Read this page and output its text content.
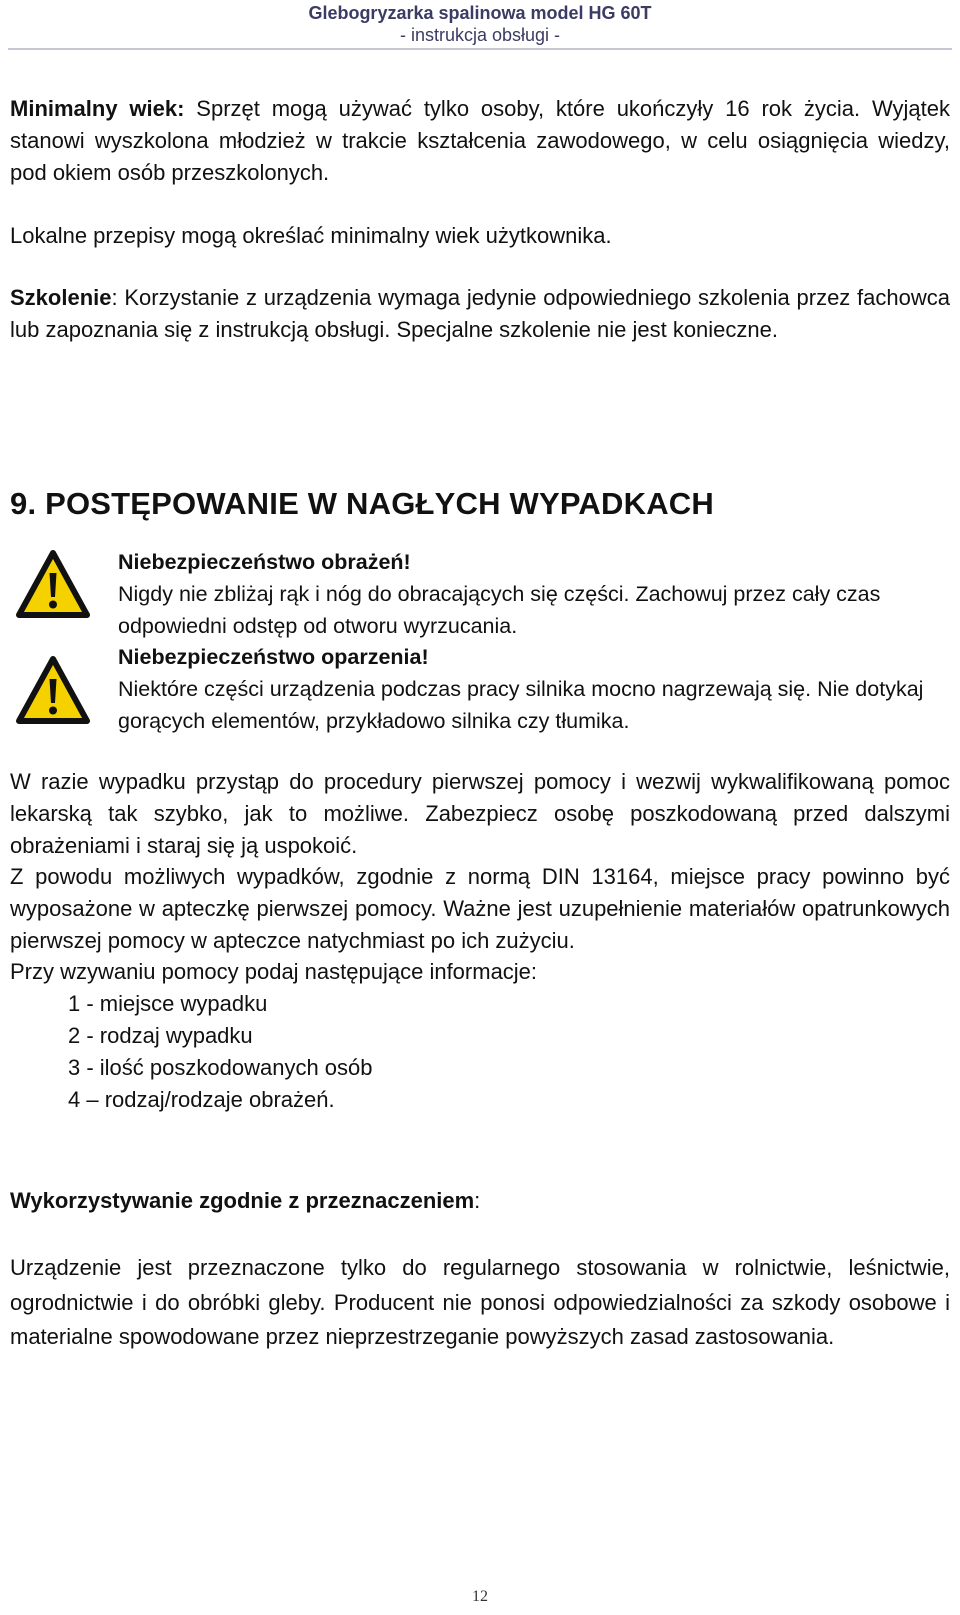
Glebogryzarka spalinowa model HG 60T
- instrukcja obsługi -

Minimalny wiek: Sprzęt mogą używać tylko osoby, które ukończyły 16 rok życia. Wyjątek stanowi wyszkolona młodzież w trakcie kształcenia zawodowego, w celu osiągnięcia wiedzy, pod okiem osób przeszkolonych.

Lokalne przepisy mogą określać minimalny wiek użytkownika.

Szkolenie: Korzystanie z urządzenia wymaga jedynie odpowiedniego szkolenia przez fachowca lub zapoznania się z instrukcją obsługi. Specjalne szkolenie nie jest konieczne.

9. POSTĘPOWANIE W NAGŁYCH WYPADKACH
Niebezpieczeństwo obrażeń!
Nigdy nie zbliżaj rąk i nóg do obracających się części. Zachowuj przez cały czas odpowiedni odstęp od otworu wyrzucania.
Niebezpieczeństwo oparzenia!
Niektóre części urządzenia podczas pracy silnika mocno nagrzewają się. Nie dotykaj gorących elementów, przykładowo silnika czy tłumika.

W razie wypadku przystąp do procedury pierwszej pomocy i wezwij wykwalifikowaną pomoc lekarską tak szybko, jak to możliwe. Zabezpiecz osobę poszkodowaną przed dalszymi obrażeniami i staraj się ją uspokoić.

Z powodu możliwych wypadków, zgodnie z normą DIN 13164, miejsce pracy powinno być wyposażone w apteczkę pierwszej pomocy. Ważne jest uzupełnienie materiałów opatrunkowych pierwszej pomocy w apteczce natychmiast po ich zużyciu.

Przy wzywaniu pomocy podaj następujące informacje:

1 - miejsce wypadku
2 - rodzaj wypadku
3 - ilość poszkodowanych osób
4 – rodzaj/rodzaje obrażeń.

Wykorzystywanie zgodnie z przeznaczeniem:

Urządzenie jest przeznaczone tylko do regularnego stosowania w rolnictwie, leśnictwie, ogrodnictwie i do obróbki gleby. Producent nie ponosi odpowiedzialności za szkody osobowe i materialne spowodowane przez nieprzestrzeganie powyższych zasad zastosowania.

12
